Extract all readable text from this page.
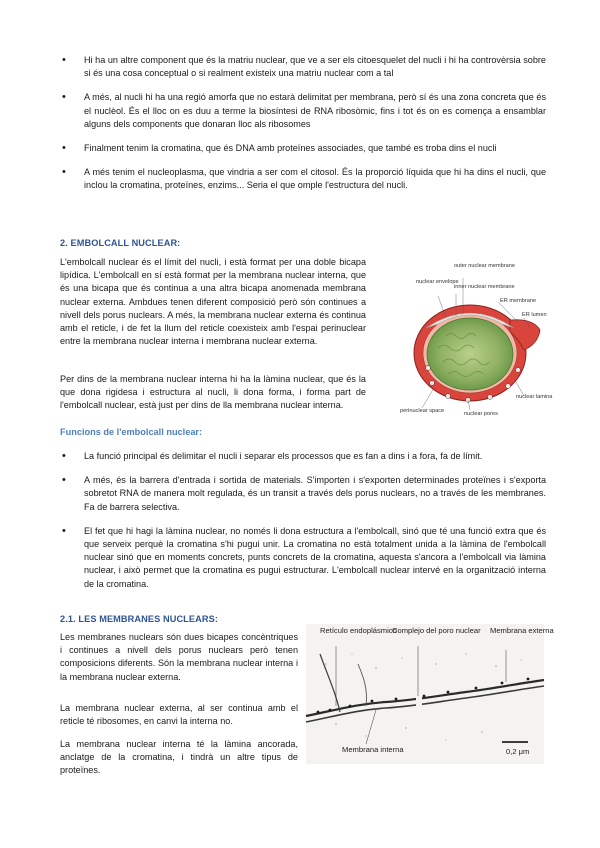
• Hi ha un altre component que és la matriu nuclear, que ve a ser els citoesquelet del nucli i hi ha controvèrsia sobre si és una cosa conceptual o si realment existeix una matriu nuclear com a tal
• A més, al nucli hi ha una regió amorfa que no estarà delimitat per membrana, però sí és una zona concreta que és el nuclèol. És el lloc on es duu a terme la biosíntesi de RNA ribosòmic, fins i tot és on es comença a ensamblar alguns dels components que donaran lloc als ribosomes
• Finalment tenim la cromatina, que és DNA amb proteïnes associades, que també es troba dins el nucli
• A més tenim el nucleoplasma, que vindria a ser com el citosol. És la proporció líquida que hi ha dins el nucli, que inclou la cromatina, proteïnes, enzims... Seria el que omple l'estructura del nucli.
2. EMBOLCALL NUCLEAR:

L'embolcall nuclear és el límit del nucli, i està format per una doble bicapa lipídica. L'embolcall en sí està format per la membrana nuclear interna, que és una bicapa que és continua a una altra bicapa anomenada membrana nuclear externa. Ambdues tenen diferent composició però són continues a nivell dels porus nuclears. A més, la membrana nuclear externa és continua amb el reticle, i de fet la llum del reticle coexisteix amb l'espai perinuclear entre la membrana nuclear interna i membrana nuclear externa.

Per dins de la membrana nuclear interna hi ha la làmina nuclear, que és la que dona rigidesa i estructura al nucli, li dona forma, i forma part de l'embolcall nuclear, està just per dins de lla membrana nuclear interna.

nuclear envelope
outer nuclear membrane
inner nuclear membrane
ER membrane
ER lumen
nuclear lamina
perinuclear space	nuclear pores
Funcions de l'embolcall nuclear:
• La funció principal és delimitar el nucli i separar els processos que es fan a dins i a fora, fa de límit.
• A més, és la barrera d'entrada i sortida de materials. S'importen i s'exporten determinades proteïnes i s'exporta sobretot RNA de manera molt regulada, és un transit a través dels porus nuclears, no a través de les membranes. Fa de barrera selectiva.
• El fet que hi hagi la làmina nuclear, no només li dona estructura a l'embolcall, sinó que té una funció extra que és que serveix perquè la cromatina s'hi pugui unir. La cromatina no està totalment unida a la làmina de l'embolcall nuclear sinó que en moments concrets, punts concrets de la cromatina, aquesta s'ancora a l'embolcall via làmina nuclear, i això permet que la cromatina es pugui estructurar. L'embolcall nuclear intervé en la organització interna de la cromatina.
2.1. LES MEMBRANES NUCLEARS:

Les membranes nuclears són dues bicapes concèntriques i continues a nivell dels porus nuclears però tenen composicions diferents. Són la membrana nuclear interna i la membrana nuclear externa.

La membrana nuclear externa, al ser continua amb el reticle té ribosomes, en canvi la interna no.

La membrana nuclear interna té la làmina ancorada, anclatge de la cromatina, i tindrà un altre tipus de proteïnes.

Retículo endoplásmico
Complejo del poro nuclear Membrana externa
Membrana interna	0,2 μm
